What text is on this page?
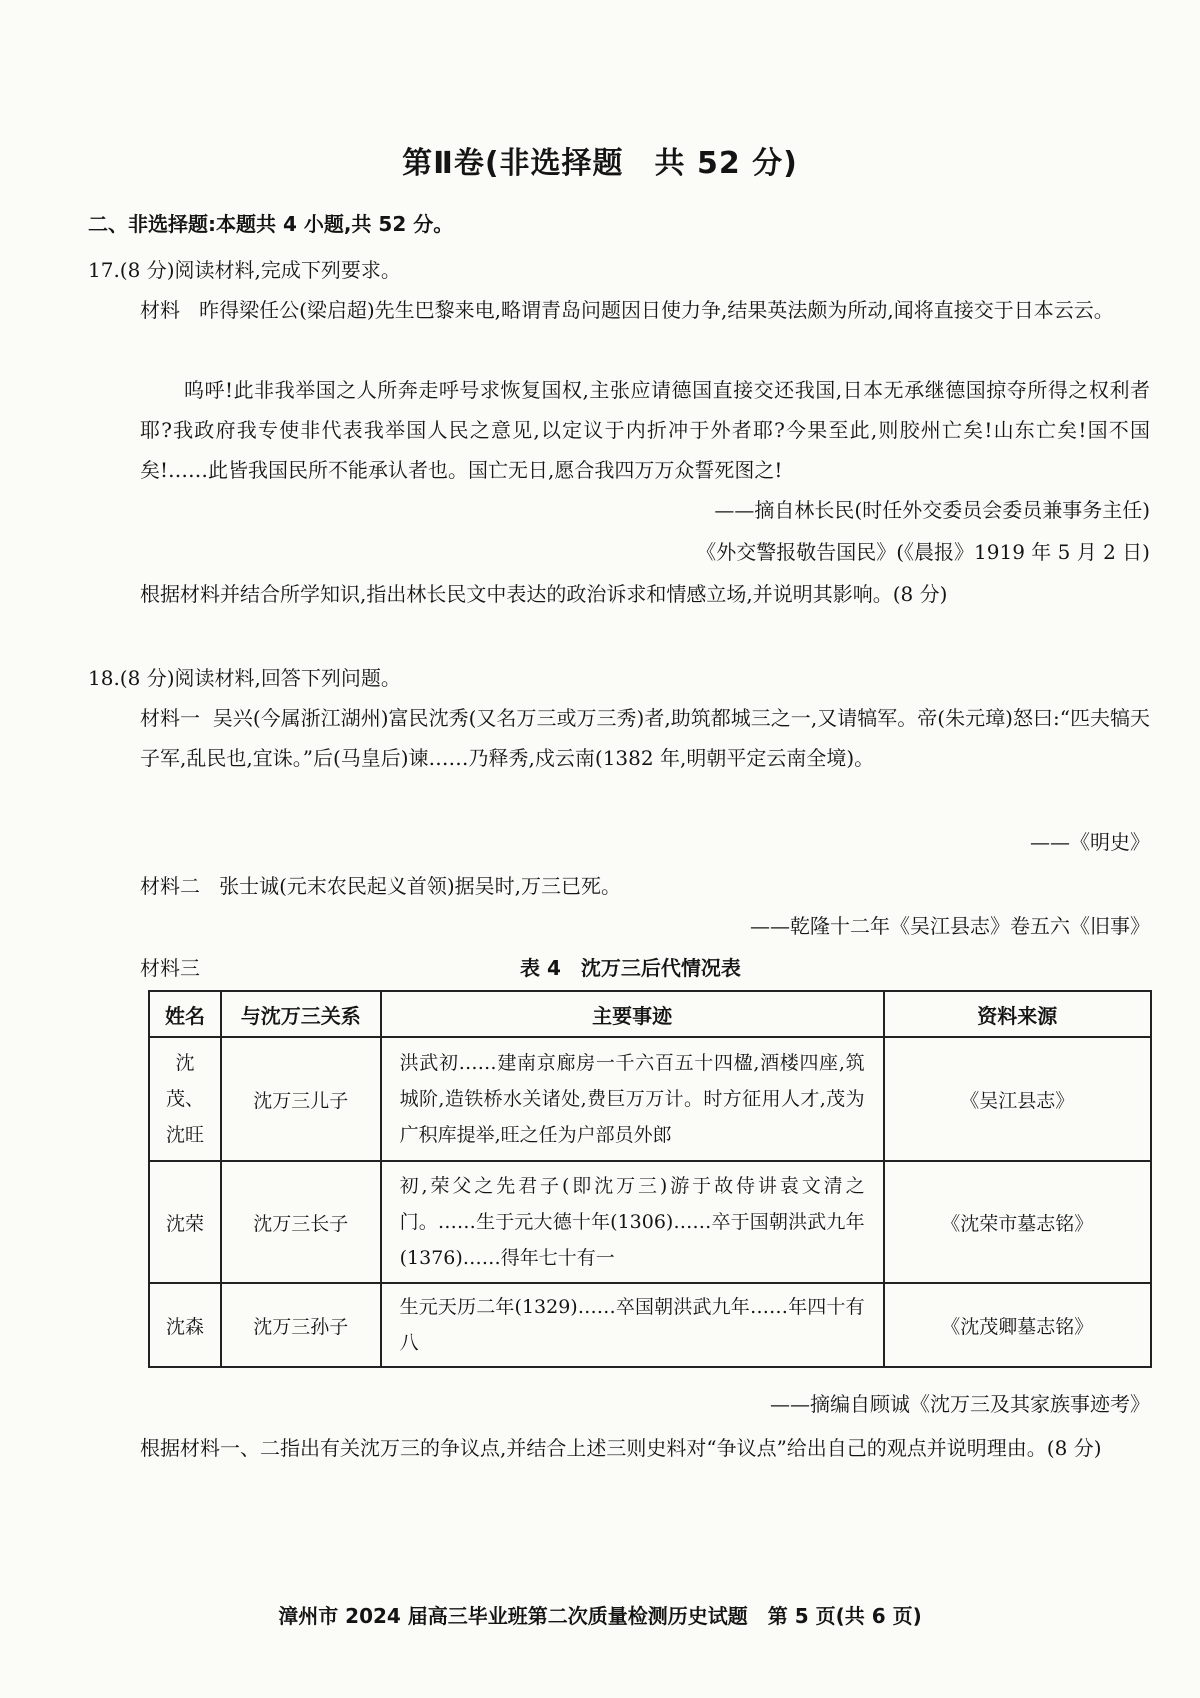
第Ⅱ卷(非选择题　共 52 分)
二、非选择题:本题共 4 小题,共 52 分。
17.(8 分)阅读材料,完成下列要求。
材料 昨得梁任公(梁启超)先生巴黎来电,略谓青岛问题因日使力争,结果英法颇为所动,闻将直接交于日本云云。
呜呼!此非我举国之人所奔走呼号求恢复国权,主张应请德国直接交还我国,日本无承继德国掠夺所得之权利者耶?我政府我专使非代表我举国人民之意见,以定议于内折冲于外者耶?今果至此,则胶州亡矣!山东亡矣!国不国矣!……此皆我国民所不能承认者也。国亡无日,愿合我四万万众誓死图之!
——摘自林长民(时任外交委员会委员兼事务主任)
《外交警报敬告国民》(《晨报》1919 年 5 月 2 日)
根据材料并结合所学知识,指出林长民文中表达的政治诉求和情感立场,并说明其影响。(8 分)
18.(8 分)阅读材料,回答下列问题。
材料一 吴兴(今属浙江湖州)富民沈秀(又名万三或万三秀)者,助筑都城三之一,又请犒军。帝(朱元璋)怒曰:“匹夫犒天子军,乱民也,宜诛。”后(马皇后)谏……乃释秀,戍云南(1382 年,明朝平定云南全境)。
——《明史》
材料二 张士诚(元末农民起义首领)据吴时,万三已死。
——乾隆十二年《吴江县志》卷五六《旧事》
材料三	表 4　沈万三后代情况表
姓名	与沈万三关系	主要事迹	资料来源
沈茂、沈旺	沈万三儿子	洪武初……建南京廊房一千六百五十四楹,酒楼四座,筑城阶,造铁桥水关诸处,费巨万万计。时方征用人才,茂为广积库提举,旺之任为户部员外郎	《吴江县志》
沈荣	沈万三长子	初,荣父之先君子(即沈万三)游于故侍讲袁文清之门。……生于元大德十年(1306)……卒于国朝洪武九年(1376)……得年七十有一	《沈荣市墓志铭》
沈森	沈万三孙子	生元天历二年(1329)……卒国朝洪武九年……年四十有八	《沈茂卿墓志铭》
——摘编自顾诚《沈万三及其家族事迹考》
根据材料一、二指出有关沈万三的争议点,并结合上述三则史料对“争议点”给出自己的观点并说明理由。(8 分)
漳州市 2024 届高三毕业班第二次质量检测历史试题　第 5 页(共 6 页)
